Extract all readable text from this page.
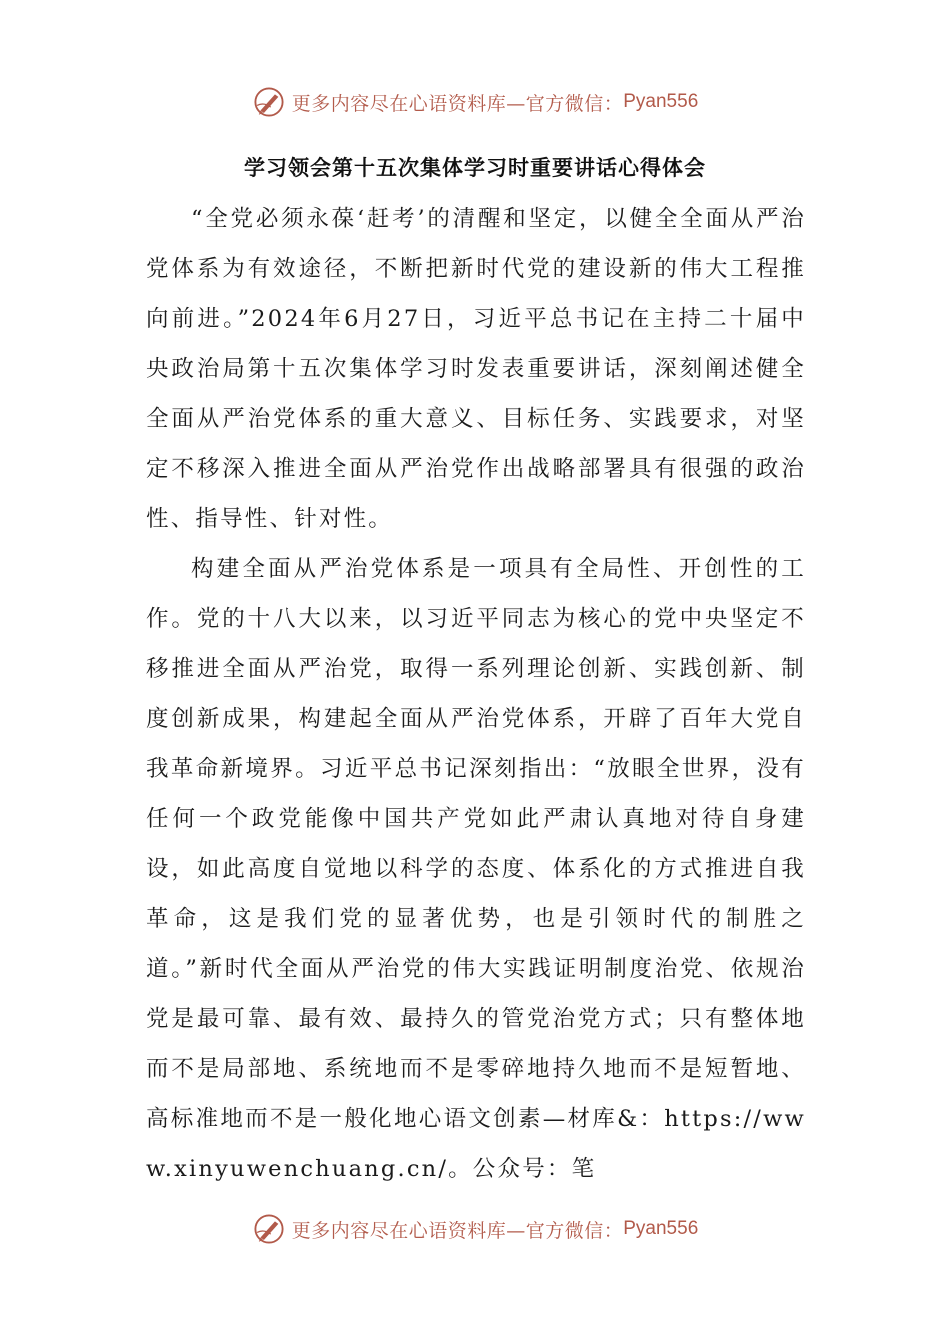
更多内容尽在心语资料库—官方微信： Pyan556
学习领会第十五次集体学习时重要讲话心得体会

“全党必须永葆‘赶考’的清醒和坚定，以健全全面从严治党体系为有效途径，不断把新时代党的建设新的伟大工程推向前进。”2024年6月27日，习近平总书记在主持二十届中央政治局第十五次集体学习时发表重要讲话，深刻阐述健全全面从严治党体系的重大意义、目标任务、实践要求，对坚定不移深入推进全面从严治党作出战略部署具有很强的政治性、指导性、针对性。

构建全面从严治党体系是一项具有全局性、开创性的工作。党的十八大以来，以习近平同志为核心的党中央坚定不移推进全面从严治党，取得一系列理论创新、实践创新、制度创新成果，构建起全面从严治党体系，开辟了百年大党自我革命新境界。习近平总书记深刻指出：“放眼全世界，没有任何一个政党能像中国共产党如此严肃认真地对待自身建设，如此高度自觉地以科学的态度、体系化的方式推进自我革命，这是我们党的显著优势，也是引领时代的制胜之道。”新时代全面从严治党的伟大实践证明制度治党、依规治党是最可靠、最有效、最持久的管党治党方式；只有整体地而不是局部地、系统地而不是零碎地持久地而不是短暂地、高标准地而不是一般化地心语文创素—材库&：https://www.xinyuwenchuang.cn/。公众号：笔

更多内容尽在心语资料库—官方微信： Pyan556
